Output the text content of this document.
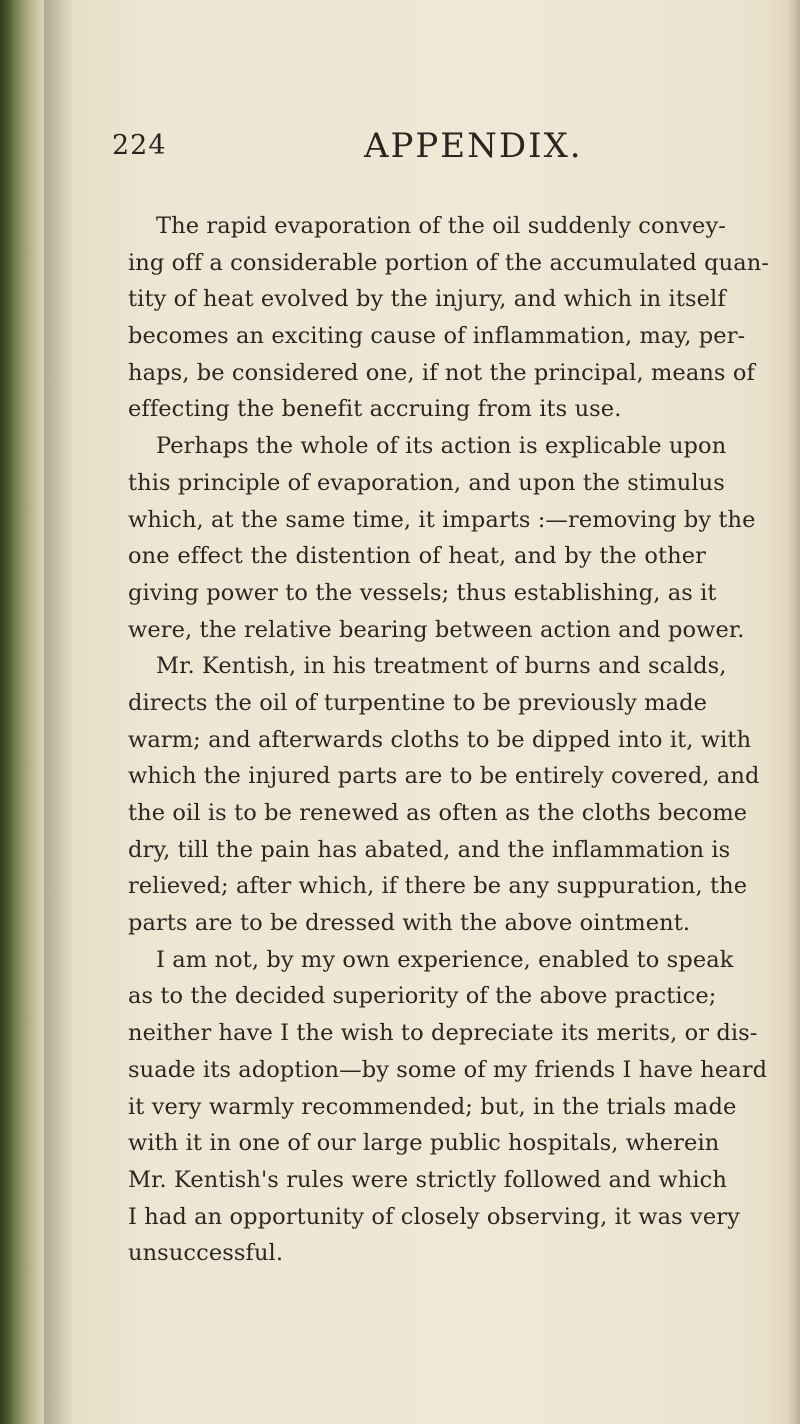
224	APPENDIX.
The rapid evaporation of the oil suddenly convey-
ing off a considerable portion of the accumulated quan-
tity of heat evolved by the injury, and which in itself
becomes an exciting cause of inflammation, may, per-
haps, be considered one, if not the principal, means of
effecting the benefit accruing from its use.
Perhaps the whole of its action is explicable upon
this principle of evaporation, and upon the stimulus
which, at the same time, it imparts :—removing by the
one effect the distention of heat, and by the other
giving power to the vessels; thus establishing, as it
were, the relative bearing between action and power.
Mr. Kentish, in his treatment of burns and scalds,
directs the oil of turpentine to be previously made
warm; and afterwards cloths to be dipped into it, with
which the injured parts are to be entirely covered, and
the oil is to be renewed as often as the cloths become
dry, till the pain has abated, and the inflammation is
relieved; after which, if there be any suppuration, the
parts are to be dressed with the above ointment.
I am not, by my own experience, enabled to speak
as to the decided superiority of the above practice;
neither have I the wish to depreciate its merits, or dis-
suade its adoption—by some of my friends I have heard
it very warmly recommended; but, in the trials made
with it in one of our large public hospitals, wherein
Mr. Kentish's rules were strictly followed and which
I had an opportunity of closely observing, it was very
unsuccessful.
